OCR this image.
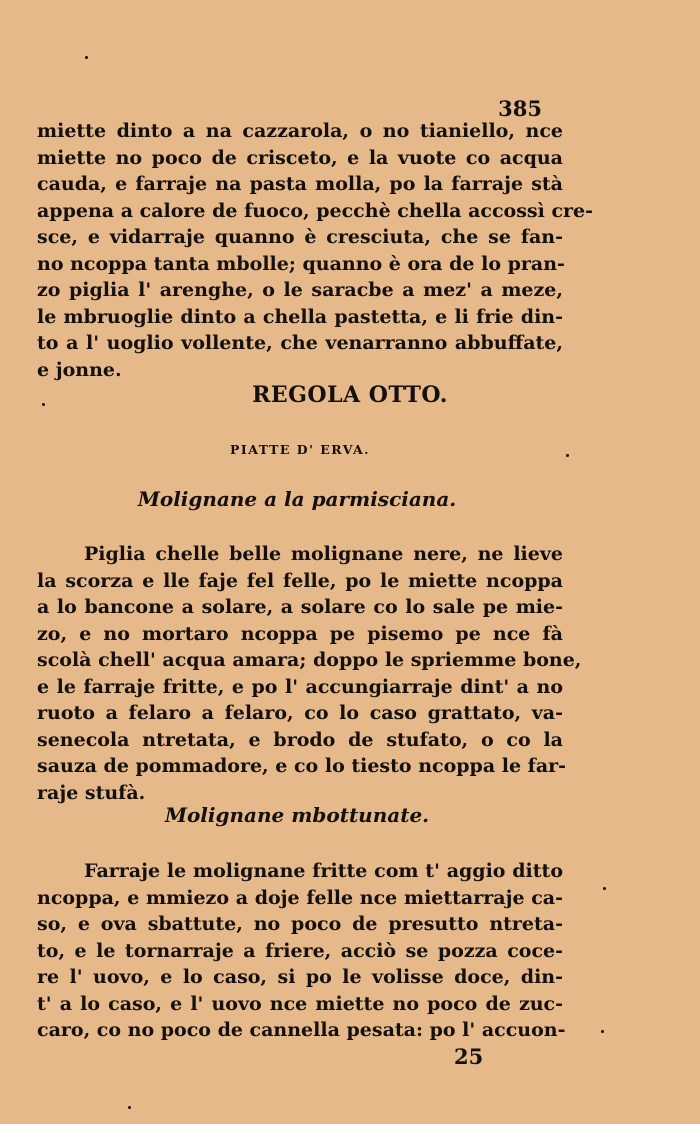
385
miette dinto a na cazzarola, o no tianiello, nce
miette no poco de crisceto, e la vuote co acqua
cauda, e farraje na pasta molla, po la farraje stà
appena a calore de fuoco, pecchè chella accossì cre-
sce, e vidarraje quanno è cresciuta, che se fan-
no ncoppa tanta mbolle; quanno è ora de lo pran-
zo piglia l' arenghe, o le saracbe a mez' a meze,
le mbruoglie dinto a chella pastetta, e li frie din-
to a l' uoglio vollente, che venarranno abbuffate,
e jonne.
REGOLA OTTO.
PIATTE D' ERVA.
Molignane a la parmisciana.
Piglia chelle belle molignane nere, ne lieve
la scorza e lle faje fel felle, po le miette ncoppa
a lo bancone a solare, a solare co lo sale pe mie-
zo, e no mortaro ncoppa pe pisemo pe nce fà
scolà chell' acqua amara; doppo le spriemme bone,
e le farraje fritte, e po l' accungiarraje dint' a no
ruoto a felaro a felaro, co lo caso grattato, va-
senecola ntretata, e brodo de stufato, o co la
sauza de pommadore, e co lo tiesto ncoppa le far-
raje stufà.
Molignane mbottunate.
Farraje le molignane fritte com t' aggio ditto
ncoppa, e mmiezo a doje felle nce miettarraje ca-
so, e ova sbattute, no poco de presutto ntreta-
to, e le tornarraje a friere, acciò se pozza coce-
re l' uovo, e lo caso, si po le volisse doce, din-
t' a lo caso, e l' uovo nce miette no poco de zuc-
caro, co no poco de cannella pesata: po l' accuon-
25
